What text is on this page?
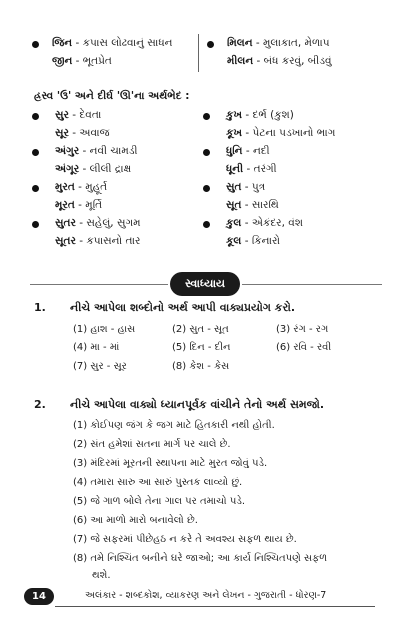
જિન - કપાસ લોઢવાનું સાધન
જીન - ભૂતપ્રેત
મિલન - મુલાકાત, મેળાપ
મીલન - બંધ કરવું, બીડવું
હ્રસ્વ 'ઉ' અને દીર્ઘ 'ઊ'ના અર્થભેદ :
સુર - દેવતા
સૂર - અવાજ
અંગુર - નવી ચામડી
અંગૂર - લીલી દ્રાક્ષ
મુરત - મુહૂર્ત
મૂરત - મૂર્તિ
સુતર - સહેલું, સુગમ
સૂતર - કપાસનો તાર
કુખ - દર્ભ (કુશ)
કૂખ - પેટના પડખાનો ભાગ
ધુનિ - નદી
ધૂની - તરંગી
સુત - પુત્ર
સૂત - સારથિ
કુલ - એકંદર, વંશ
કૂલ - કિનારો
સ્વાધ્યાય
1. નીચે આપેલા શબ્દોનો અર્થ આપી વાક્યપ્રયોગ કરો.
(1) હાશ - હાસ	(2) સુત - સૂત	(3) રંગ - રગ
(4) મા - માં	(5) દિન - દીન	(6) રવિ - રવી
(7) સુર - સૂર	(8) કેશ - કેસ
2. નીચે આપેલા વાક્યો ધ્યાનપૂર્વક વાંચીને તેનો અર્થ સમજો.
(1) કોઈપણ જંગ કે જગ માટે હિતકારી નથી હોતી.
(2) સંત હમેશાં સતના માર્ગ પર ચાલે છે.
(3) મંદિરમાં મૂરતની સ્થાપના માટે મુરત જોવું પડે.
(4) તમારા સારુ આ સારું પુસ્તક લાવ્યો છું.
(5) જે ગાળ બોલે તેના ગાલ પર તમાચો પડે.
(6) આ માળો મારો બનાવેલો છે.
(7) જે સફરમાં પીછેહઠ ન કરે તે અવશ્ય સફળ થાય છે.
(8) તમે નિશ્ચિંત બનીને ઘરે જાઓ; આ કાર્ય નિશ્ચિતપણે સફળ
થશે.
14	અલંકાર - શબ્દકોશ, વ્યાકરણ અને લેખન - ગુજરાતી - ધોરણ-7
